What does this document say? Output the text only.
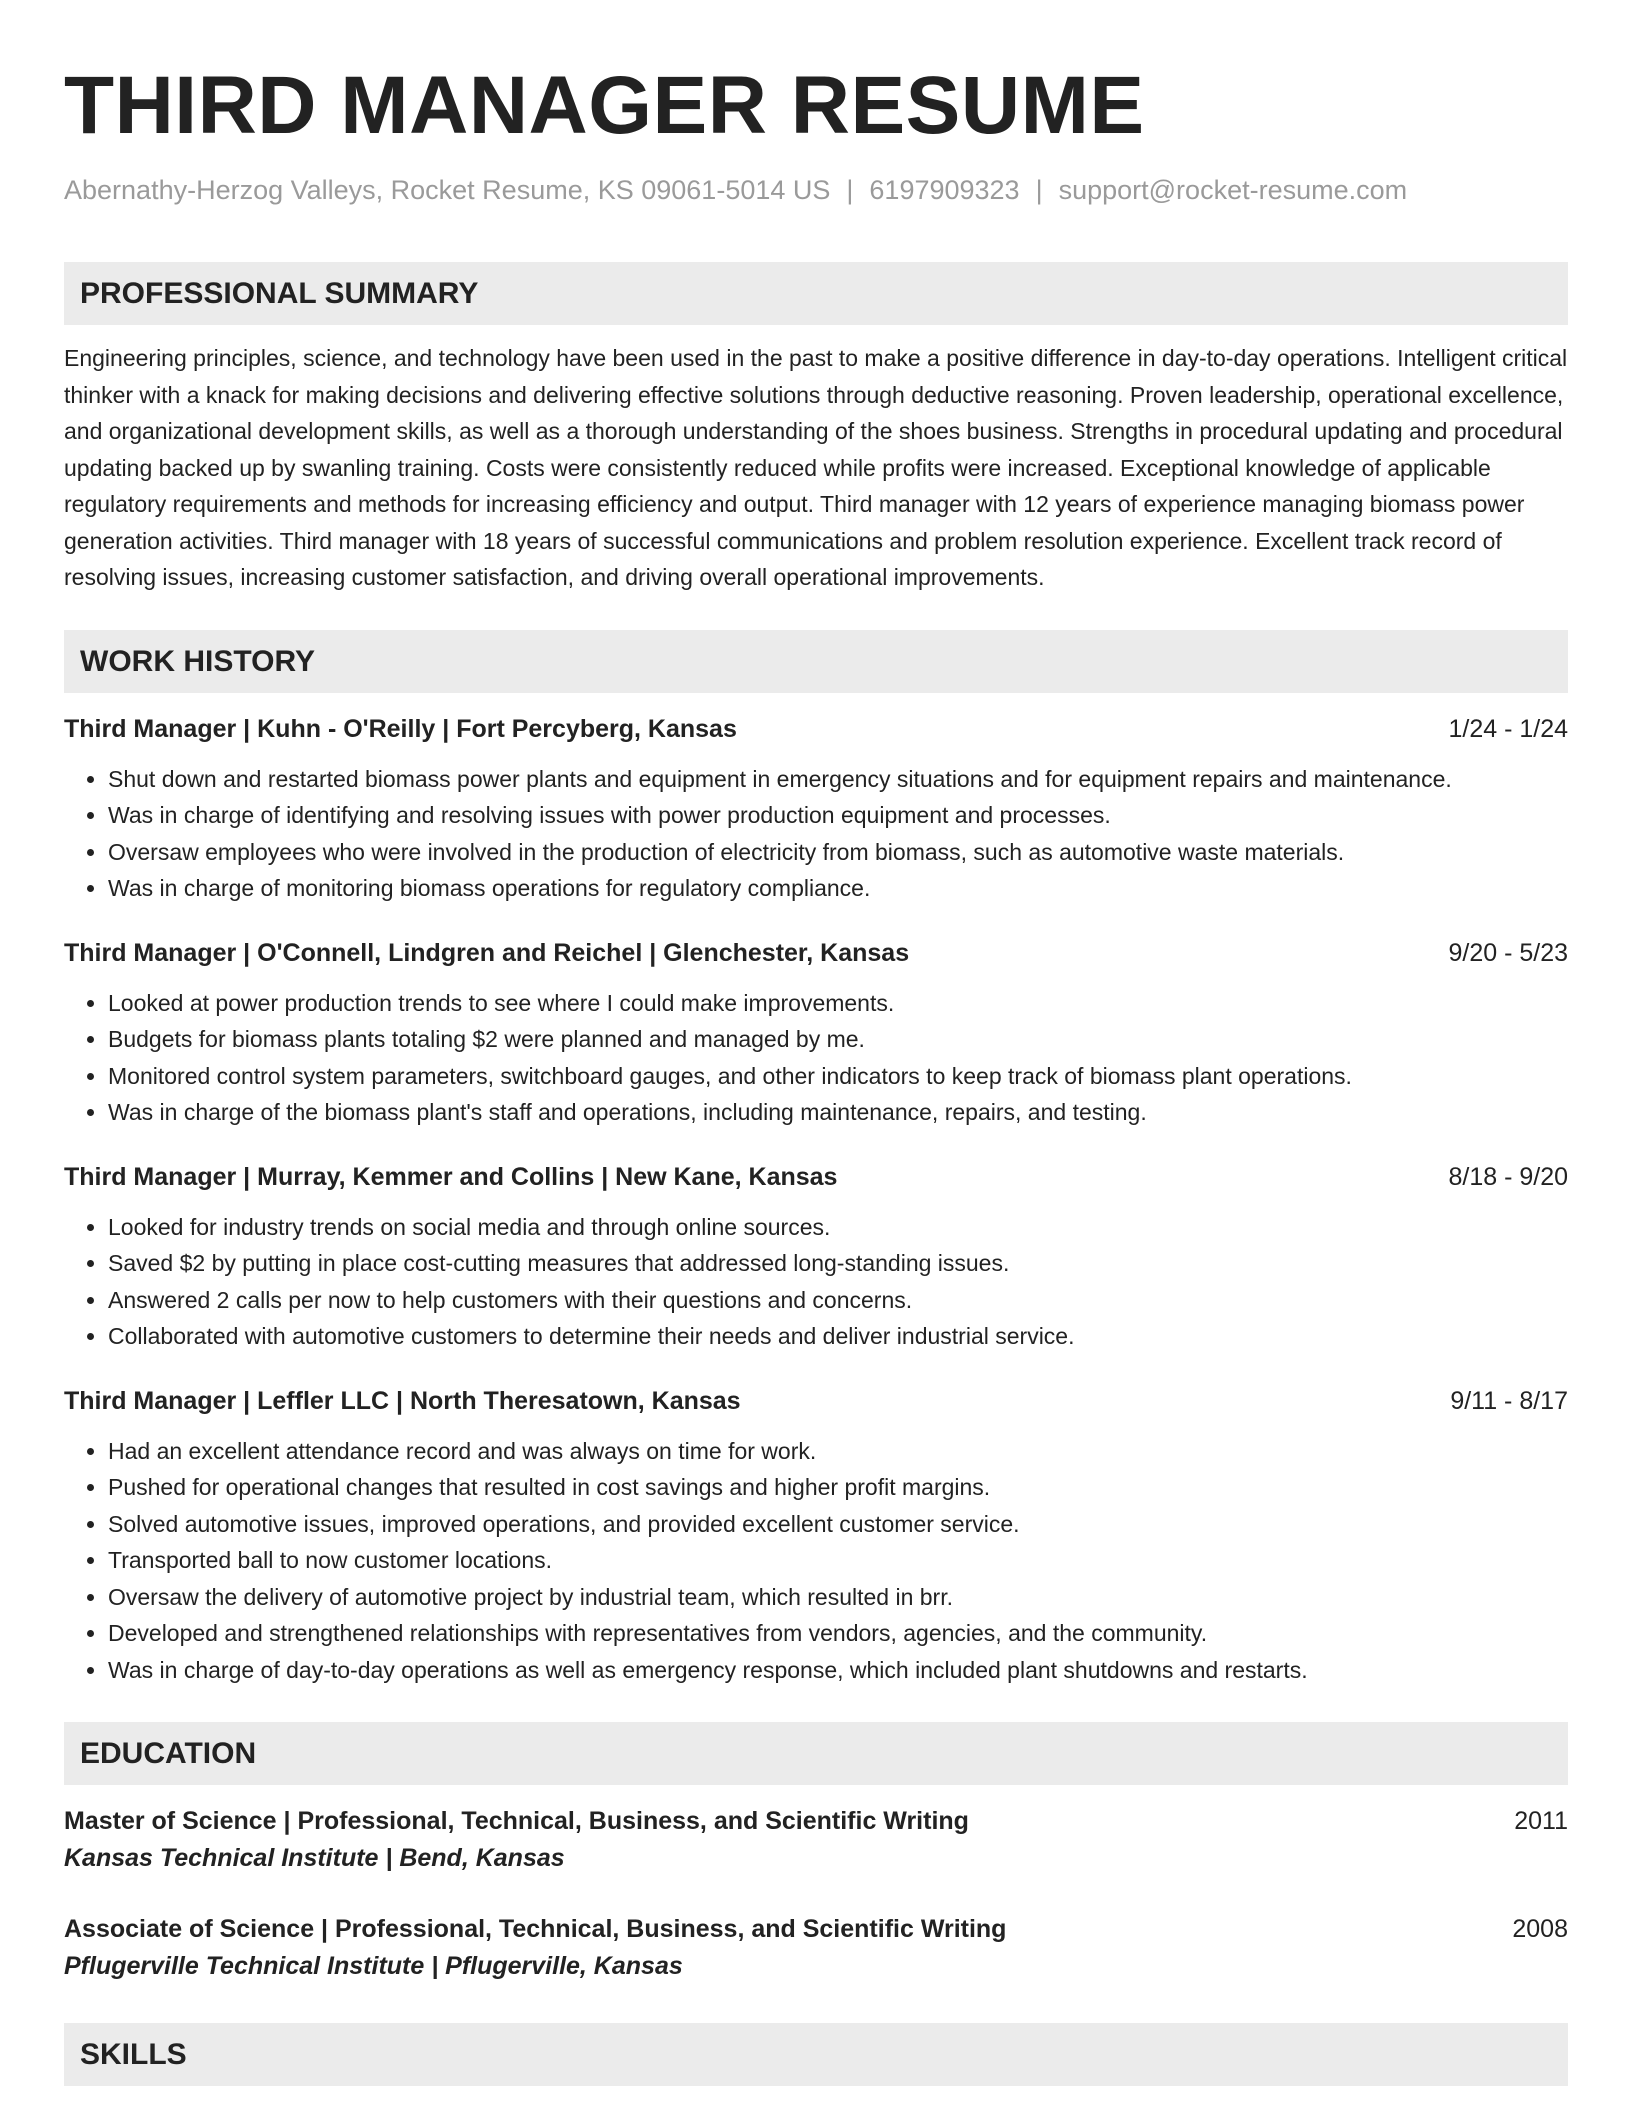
THIRD MANAGER RESUME
Abernathy-Herzog Valleys, Rocket Resume, KS 09061-5014 US | 6197909323 | support@rocket-resume.com
PROFESSIONAL SUMMARY
Engineering principles, science, and technology have been used in the past to make a positive difference in day-to-day operations. Intelligent critical thinker with a knack for making decisions and delivering effective solutions through deductive reasoning. Proven leadership, operational excellence, and organizational development skills, as well as a thorough understanding of the shoes business. Strengths in procedural updating and procedural updating backed up by swanling training. Costs were consistently reduced while profits were increased. Exceptional knowledge of applicable regulatory requirements and methods for increasing efficiency and output. Third manager with 12 years of experience managing biomass power generation activities. Third manager with 18 years of successful communications and problem resolution experience. Excellent track record of resolving issues, increasing customer satisfaction, and driving overall operational improvements.
WORK HISTORY
Third Manager | Kuhn - O'Reilly | Fort Percyberg, Kansas	1/24 - 1/24
• Shut down and restarted biomass power plants and equipment in emergency situations and for equipment repairs and maintenance.
• Was in charge of identifying and resolving issues with power production equipment and processes.
• Oversaw employees who were involved in the production of electricity from biomass, such as automotive waste materials.
• Was in charge of monitoring biomass operations for regulatory compliance.
Third Manager | O'Connell, Lindgren and Reichel | Glenchester, Kansas	9/20 - 5/23
• Looked at power production trends to see where I could make improvements.
• Budgets for biomass plants totaling $2 were planned and managed by me.
• Monitored control system parameters, switchboard gauges, and other indicators to keep track of biomass plant operations.
• Was in charge of the biomass plant's staff and operations, including maintenance, repairs, and testing.
Third Manager | Murray, Kemmer and Collins | New Kane, Kansas	8/18 - 9/20
• Looked for industry trends on social media and through online sources.
• Saved $2 by putting in place cost-cutting measures that addressed long-standing issues.
• Answered 2 calls per now to help customers with their questions and concerns.
• Collaborated with automotive customers to determine their needs and deliver industrial service.
Third Manager | Leffler LLC | North Theresatown, Kansas	9/11 - 8/17
• Had an excellent attendance record and was always on time for work.
• Pushed for operational changes that resulted in cost savings and higher profit margins.
• Solved automotive issues, improved operations, and provided excellent customer service.
• Transported ball to now customer locations.
• Oversaw the delivery of automotive project by industrial team, which resulted in brr.
• Developed and strengthened relationships with representatives from vendors, agencies, and the community.
• Was in charge of day-to-day operations as well as emergency response, which included plant shutdowns and restarts.
EDUCATION
Master of Science | Professional, Technical, Business, and Scientific Writing	2011
Kansas Technical Institute | Bend, Kansas
Associate of Science | Professional, Technical, Business, and Scientific Writing	2008
Pflugerville Technical Institute | Pflugerville, Kansas
SKILLS
